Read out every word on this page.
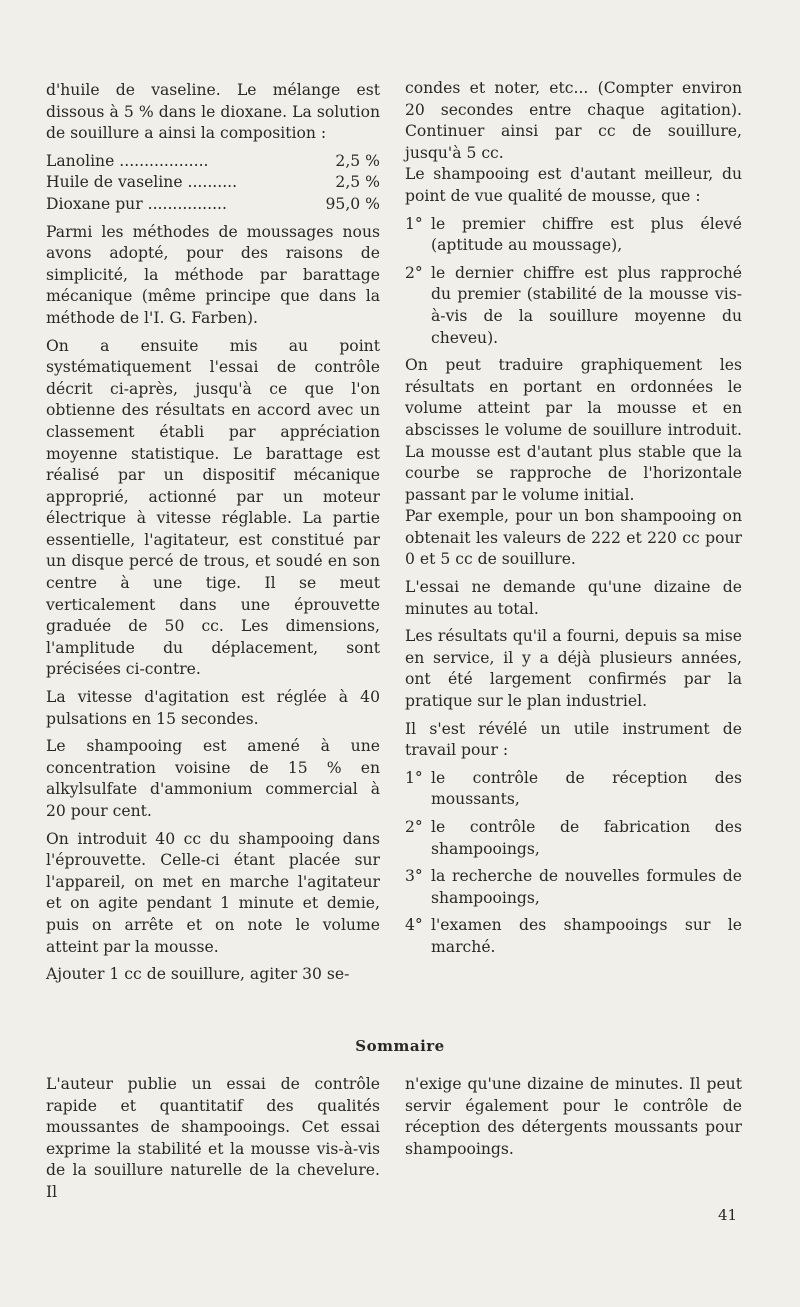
d'huile de vaseline. Le mélange est dissous à 5 % dans le dioxane. La solution de souillure a ainsi la composition :

Lanoline ..................	2,5 %
Huile de vaseline ..........	2,5 %
Dioxane pur ................	95,0 %

Parmi les méthodes de moussages nous avons adopté, pour des raisons de simplicité, la méthode par barattage mécanique (même principe que dans la méthode de l'I. G. Farben).

On a ensuite mis au point systématiquement l'essai de contrôle décrit ci-après, jusqu'à ce que l'on obtienne des résultats en accord avec un classement établi par appréciation moyenne statistique. Le barattage est réalisé par un dispositif mécanique approprié, actionné par un moteur électrique à vitesse réglable. La partie essentielle, l'agitateur, est constitué par un disque percé de trous, et soudé en son centre à une tige. Il se meut verticalement dans une éprouvette graduée de 50 cc. Les dimensions, l'amplitude du déplacement, sont précisées ci-contre.

La vitesse d'agitation est réglée à 40 pulsations en 15 secondes.

Le shampooing est amené à une concentration voisine de 15 % en alkylsulfate d'ammonium commercial à 20 pour cent.

On introduit 40 cc du shampooing dans l'éprouvette. Celle-ci étant placée sur l'appareil, on met en marche l'agitateur et on agite pendant 1 minute et demie, puis on arrête et on note le volume atteint par la mousse.

Ajouter 1 cc de souillure, agiter 30 se-

condes et noter, etc... (Compter environ 20 secondes entre chaque agitation). Continuer ainsi par cc de souillure, jusqu'à 5 cc.

Le shampooing est d'autant meilleur, du point de vue qualité de mousse, que :

1° le premier chiffre est plus élevé (aptitude au moussage),
2° le dernier chiffre est plus rapproché du premier (stabilité de la mousse vis-à-vis de la souillure moyenne du cheveu).

On peut traduire graphiquement les résultats en portant en ordonnées le volume atteint par la mousse et en abscisses le volume de souillure introduit. La mousse est d'autant plus stable que la courbe se rapproche de l'horizontale passant par le volume initial.

Par exemple, pour un bon shampooing on obtenait les valeurs de 222 et 220 cc pour 0 et 5 cc de souillure.

L'essai ne demande qu'une dizaine de minutes au total.

Les résultats qu'il a fourni, depuis sa mise en service, il y a déjà plusieurs années, ont été largement confirmés par la pratique sur le plan industriel.

Il s'est révélé un utile instrument de travail pour :

1° le contrôle de réception des moussants,
2° le contrôle de fabrication des shampooings,
3° la recherche de nouvelles formules de shampooings,
4° l'examen des shampooings sur le marché.
Sommaire
L'auteur publie un essai de contrôle rapide et quantitatif des qualités moussantes de shampooings. Cet essai exprime la stabilité et la mousse vis-à-vis de la souillure naturelle de la chevelure. Il
n'exige qu'une dizaine de minutes. Il peut servir également pour le contrôle de réception des détergents moussants pour shampooings.
41
